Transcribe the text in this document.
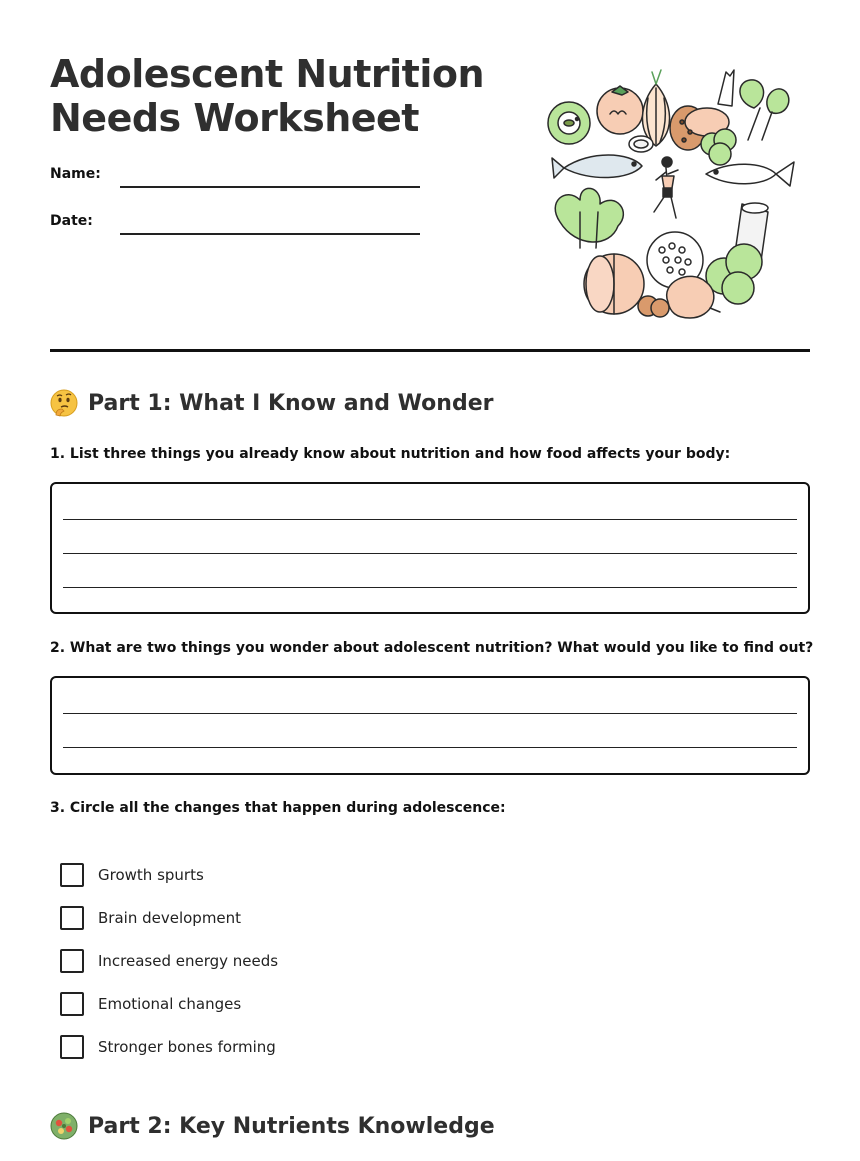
Adolescent Nutrition
Needs Worksheet
Name:
Date:
Part 1: What I Know and Wonder
1. List three things you already know about nutrition and how food affects your body:
2. What are two things you wonder about adolescent nutrition? What would you like to find out?
3. Circle all the changes that happen during adolescence:
Growth spurts
Brain development
Increased energy needs
Emotional changes
Stronger bones forming
Part 2: Key Nutrients Knowledge
